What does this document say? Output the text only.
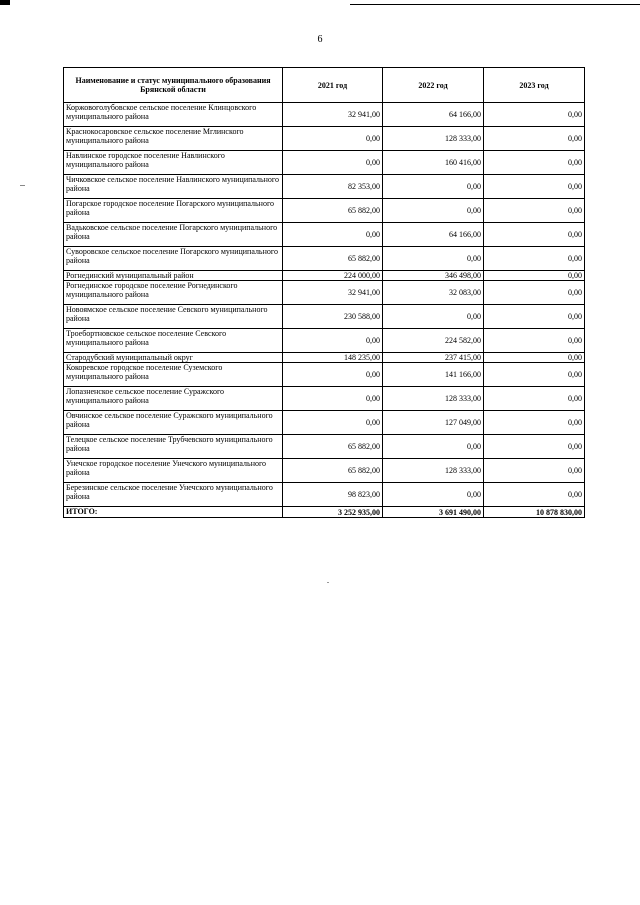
6
Наименование и статус муниципального образования Брянской области	2021 год	2022 год	2023 год
Коржовоголубовское сельское поселение Клинцовского муниципального района	32 941,00	64 166,00	0,00
Краснокосаровское сельское поселение Мглинского муниципального района	0,00	128 333,00	0,00
Навлинское городское поселение Навлинского муниципального района	0,00	160 416,00	0,00
Чичковское сельское поселение Навлинского муниципального района	82 353,00	0,00	0,00
Погарское городское поселение Погарского муниципального района	65 882,00	0,00	0,00
Вадьковское сельское поселение Погарского муниципального района	0,00	64 166,00	0,00
Суворовское сельское поселение Погарского муниципального района	65 882,00	0,00	0,00
Рогнединский муниципальный район	224 000,00	346 498,00	0,00
Рогнединское городское поселение Рогнединского муниципального района	32 941,00	32 083,00	0,00
Новоямское сельское поселение Севского муниципального района	230 588,00	0,00	0,00
Троебортновское сельское поселение Севского муниципального района	0,00	224 582,00	0,00
Стародубский муниципальный округ	148 235,00	237 415,00	0,00
Кокоревское городское поселение Суземского муниципального района	0,00	141 166,00	0,00
Лопазненское сельское поселение Суражского муниципального района	0,00	128 333,00	0,00
Овчинское сельское поселение Суражского муниципального района	0,00	127 049,00	0,00
Телецкое сельское поселение Трубчевского муниципального района	65 882,00	0,00	0,00
Унечское городское поселение Унечского муниципального района	65 882,00	128 333,00	0,00
Березинское сельское поселение Унечского муниципального района	98 823,00	0,00	0,00
ИТОГО:	3 252 935,00	3 691 490,00	10 878 830,00
